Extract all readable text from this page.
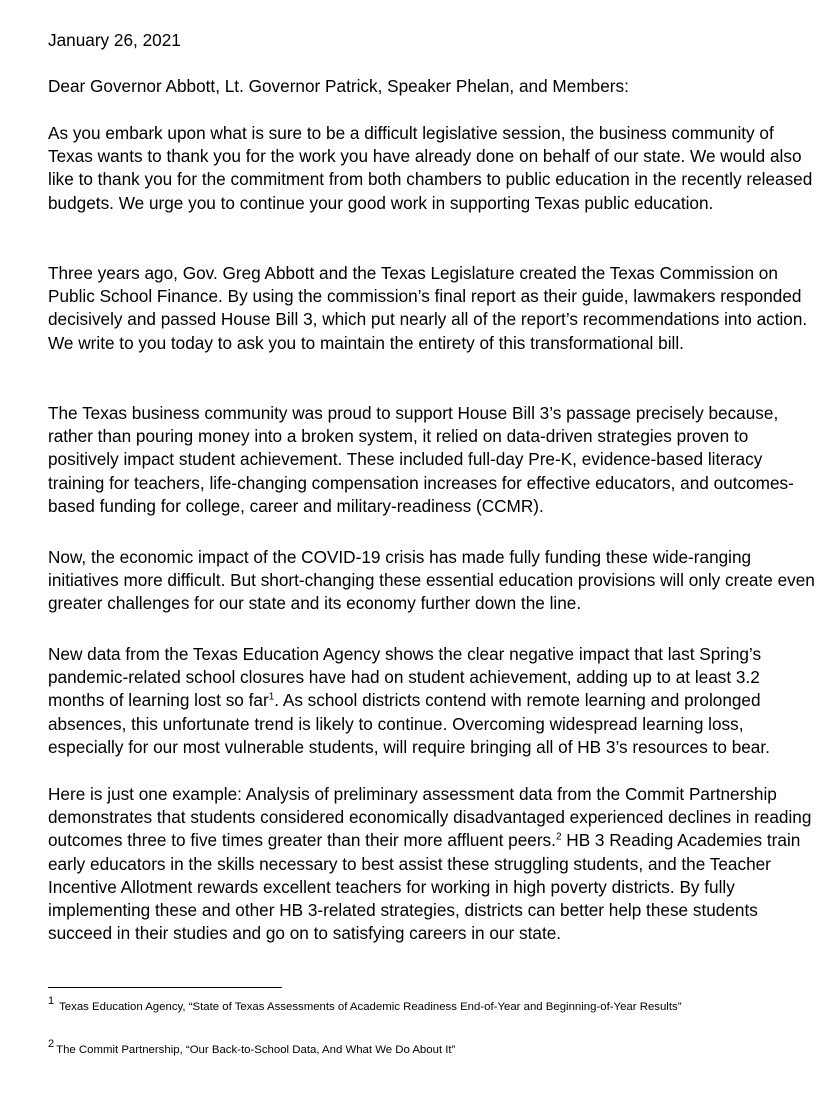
January 26, 2021

Dear Governor Abbott, Lt. Governor Patrick, Speaker Phelan, and Members:

As you embark upon what is sure to be a difficult legislative session, the business community of Texas wants to thank you for the work you have already done on behalf of our state. We would also like to thank you for the commitment from both chambers to public education in the recently released budgets. We urge you to continue your good work in supporting Texas public education.

Three years ago, Gov. Greg Abbott and the Texas Legislature created the Texas Commission on Public School Finance. By using the commission’s final report as their guide, lawmakers responded decisively and passed House Bill 3, which put nearly all of the report’s recommendations into action. We write to you today to ask you to maintain the entirety of this transformational bill.

The Texas business community was proud to support House Bill 3’s passage precisely because, rather than pouring money into a broken system, it relied on data-driven strategies proven to positively impact student achievement. These included full-day Pre-K, evidence-based literacy training for teachers, life-changing compensation increases for effective educators, and outcomes-based funding for college, career and military-readiness (CCMR).

Now, the economic impact of the COVID-19 crisis has made fully funding these wide-ranging initiatives more difficult. But short-changing these essential education provisions will only create even greater challenges for our state and its economy further down the line.

New data from the Texas Education Agency shows the clear negative impact that last Spring’s pandemic-related school closures have had on student achievement, adding up to at least 3.2 months of learning lost so far$^1$. As school districts contend with remote learning and prolonged absences, this unfortunate trend is likely to continue. Overcoming widespread learning loss, especially for our most vulnerable students, will require bringing all of HB 3’s resources to bear.

Here is just one example: Analysis of preliminary assessment data from the Commit Partnership demonstrates that students considered economically disadvantaged experienced declines in reading outcomes three to five times greater than their more affluent peers.$^2$ HB 3 Reading Academies train early educators in the skills necessary to best assist these struggling students, and the Teacher Incentive Allotment rewards excellent teachers for working in high poverty districts. By fully implementing these and other HB 3-related strategies, districts can better help these students succeed in their studies and go on to satisfying careers in our state.

$^1$ Texas Education Agency, “State of Texas Assessments of Academic Readiness End-of-Year and Beginning-of-Year Results”

$^2$ The Commit Partnership, “Our Back-to-School Data, And What We Do About It”
